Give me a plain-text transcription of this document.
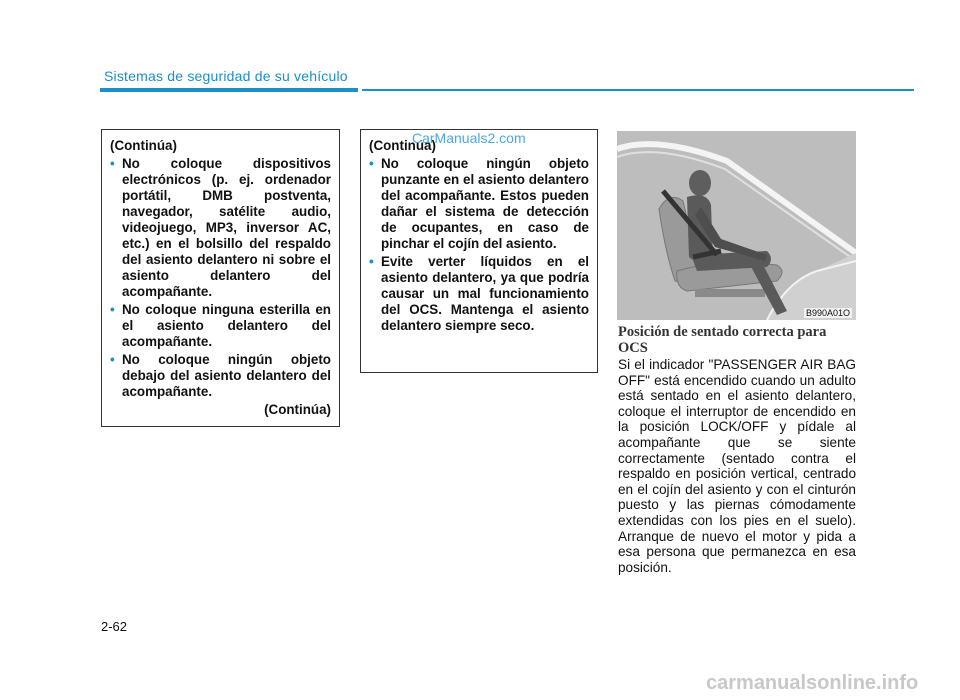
Sistemas de seguridad de su vehículo
(Continúa)
• No coloque dispositivos electrónicos (p. ej. ordenador portátil, DMB postventa, navegador, satélite audio, videojuego, MP3, inversor AC, etc.) en el bolsillo del respaldo del asiento delantero ni sobre el asiento delantero del acompañante.
• No coloque ninguna esterilla en el asiento delantero del acompañante.
• No coloque ningún objeto debajo del asiento delantero del acompañante.
(Continúa)
(Continúa)
• No coloque ningún objeto punzante en el asiento delantero del acompañante. Estos pueden dañar el sistema de detección de ocupantes, en caso de pinchar el cojín del asiento.
• Evite verter líquidos en el asiento delantero, ya que podría causar un mal funcionamiento del OCS. Mantenga el asiento delantero siempre seco.
CarManuals2.com
B990A01O
Posición de sentado correcta para OCS
Si el indicador "PASSENGER AIR BAG OFF" está encendido cuando un adulto está sentado en el asiento delantero, coloque el interruptor de encendido en la posición LOCK/OFF y pídale al acompañante que se siente correctamente (sentado contra el respaldo en posición vertical, centrado en el cojín del asiento y con el cinturón puesto y las piernas cómodamente extendidas con los pies en el suelo). Arranque de nuevo el motor y pida a esa persona que permanezca en esa posición.
2-62
carmanualsonline.info
